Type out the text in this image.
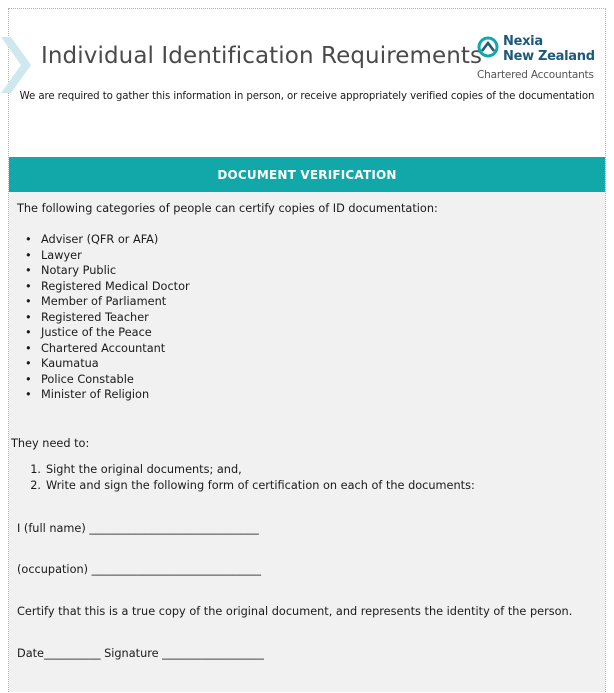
Individual Identification Requirements
Nexia
New Zealand
Chartered Accountants
We are required to gather this information in person, or receive appropriately verified copies of the documentation
DOCUMENT VERIFICATION
The following categories of people can certify copies of ID documentation:
• Adviser (QFR or AFA)
• Lawyer
• Notary Public
• Registered Medical Doctor
• Member of Parliament
• Registered Teacher
• Justice of the Peace
• Chartered Accountant
• Kaumatua
• Police Constable
• Minister of Religion
They need to:
1. Sight the original documents; and,
2. Write and sign the following form of certification on each of the documents:
I (full name) ______________________________
(occupation) ______________________________
Certify that this is a true copy of the original document, and represents the identity of the person.
Date__________ Signature __________________
